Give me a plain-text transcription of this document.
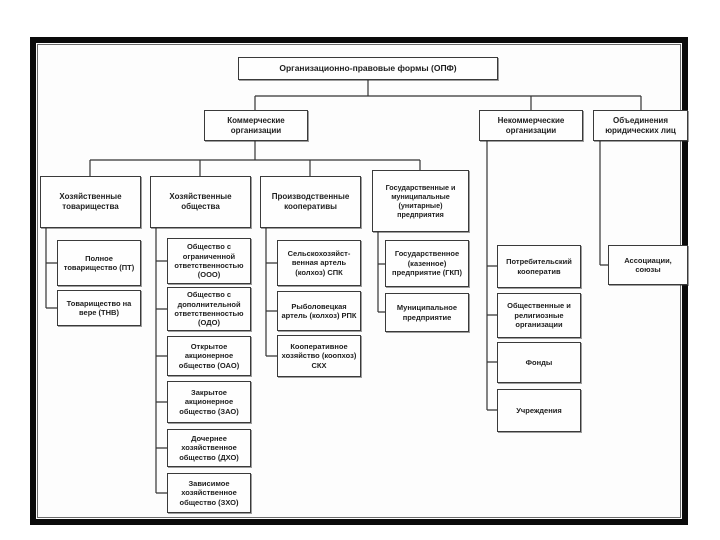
Организационно-правовые формы (ОПФ)
Коммерческие организации
Некоммерческие организации
Объединения юридических лиц
Хозяйственные товарищества
Хозяйственные общества
Производственные кооперативы
Государственные и муниципальные (унитарные) предприятия
Полное товарищество (ПТ)
Товарищество на вере (ТНВ)
Общество с ограниченной ответственностью (ООО)
Общество с дополнительной ответственностью (ОДО)
Открытое акционерное общество (ОАО)
Закрытое акционерное общество (ЗАО)
Дочернее хозяйственное общество (ДХО)
Зависимое хозяйственное общество (ЗХО)
Сельскохозяйст- венная артель (колхоз) СПК
Рыболовецкая артель (колхоз) РПК
Кооперативное хозяйство (коопхоз) СКХ
Государственное (казенное) предприятие (ГКП)
Муниципальное предприятие
Потребительский кооператив
Общественные и религиозные организации
Фонды
Учреждения
Ассоциации, союзы
